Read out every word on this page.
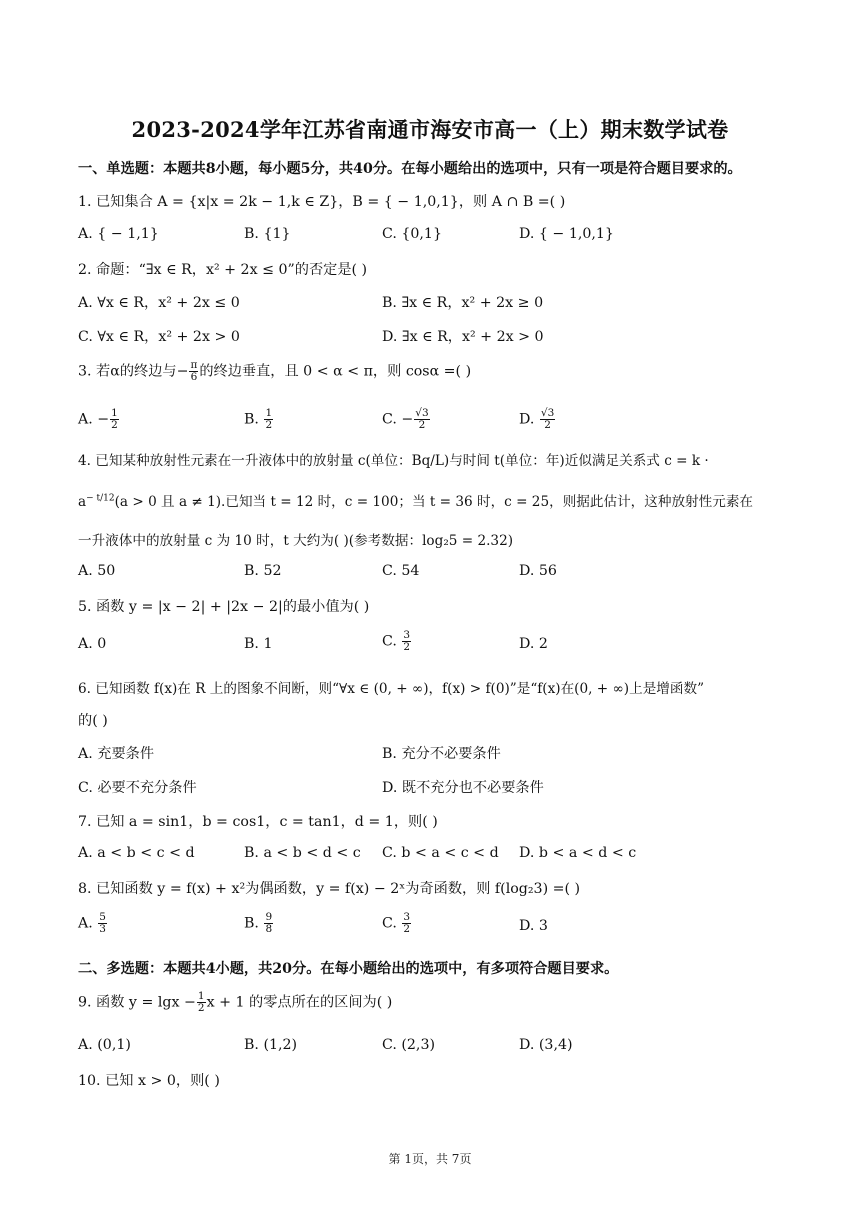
2023-2024学年江苏省南通市海安市高一（上）期末数学试卷
一、单选题：本题共8小题，每小题5分，共40分。在每小题给出的选项中，只有一项是符合题目要求的。
1. 已知集合 A = {x|x = 2k − 1,k ∈ Z}，B = { − 1,0,1}，则 A ∩ B =( )
A. { − 1,1}	B. {1}	C. {0,1}	D. { − 1,0,1}
2. 命题：“∃x ∈ R，x² + 2x ≤ 0”的否定是( )
A. ∀x ∈ R，x² + 2x ≤ 0	B. ∃x ∈ R，x² + 2x ≥ 0
C. ∀x ∈ R，x² + 2x > 0	D. ∃x ∈ R，x² + 2x > 0
3. 若α的终边与− $\frac{\pi}{6}$ 的终边垂直，且 0 < α < π，则 cosα =( )
A. − $\frac{1}{2}$	B. $\frac{1}{2}$	C. − $\frac{√3}{2}$	D. $\frac{√3}{2}$
4. 已知某种放射性元素在一升液体中的放射量 c(单位：Bq/L)与时间 t(单位：年)近似满足关系式 c = k ·
$a^{- t/12}(a > 0$ 且 a ≠ 1).已知当 t = 12 时，c = 100；当 t = 36 时，c = 25，则据此估计，这种放射性元素在
一升液体中的放射量 c 为 10 时，t 大约为( )(参考数据：log₂5 = 2.32)
A. 50	B. 52	C. 54	D. 56
5. 函数 y = |x − 2| + |2x − 2|的最小值为( )
A. 0	B. 1	C. $\frac{3}{2}$	D. 2
6. 已知函数 f(x)在 R 上的图象不间断，则“∀x ∈ (0, + ∞)，f(x) > f(0)”是“f(x)在(0, + ∞)上是增函数”
的( )
A. 充要条件	B. 充分不必要条件
C. 必要不充分条件	D. 既不充分也不必要条件
7. 已知 a = sin1，b = cos1，c = tan1，d = 1，则( )
A. a < b < c < d	B. a < b < d < c C. b < a < c < d D. b < a < d < c
8. 已知函数 y = f(x) + x²为偶函数，y = f(x) − 2ˣ为奇函数，则 f(log₂3) =( )
A. $\frac{5}{3}$	B. $\frac{9}{8}$	C. $\frac{3}{2}$	D. 3
二、多选题：本题共4小题，共20分。在每小题给出的选项中，有多项符合题目要求。
9. 函数 $y = \lg x - \frac{1}{2}$ x + 1 的零点所在的区间为( )
A. (0,1)	B. (1,2)	C. (2,3)	D. (3,4)
10. 已知 x > 0，则( )
第 1页，共 7页
